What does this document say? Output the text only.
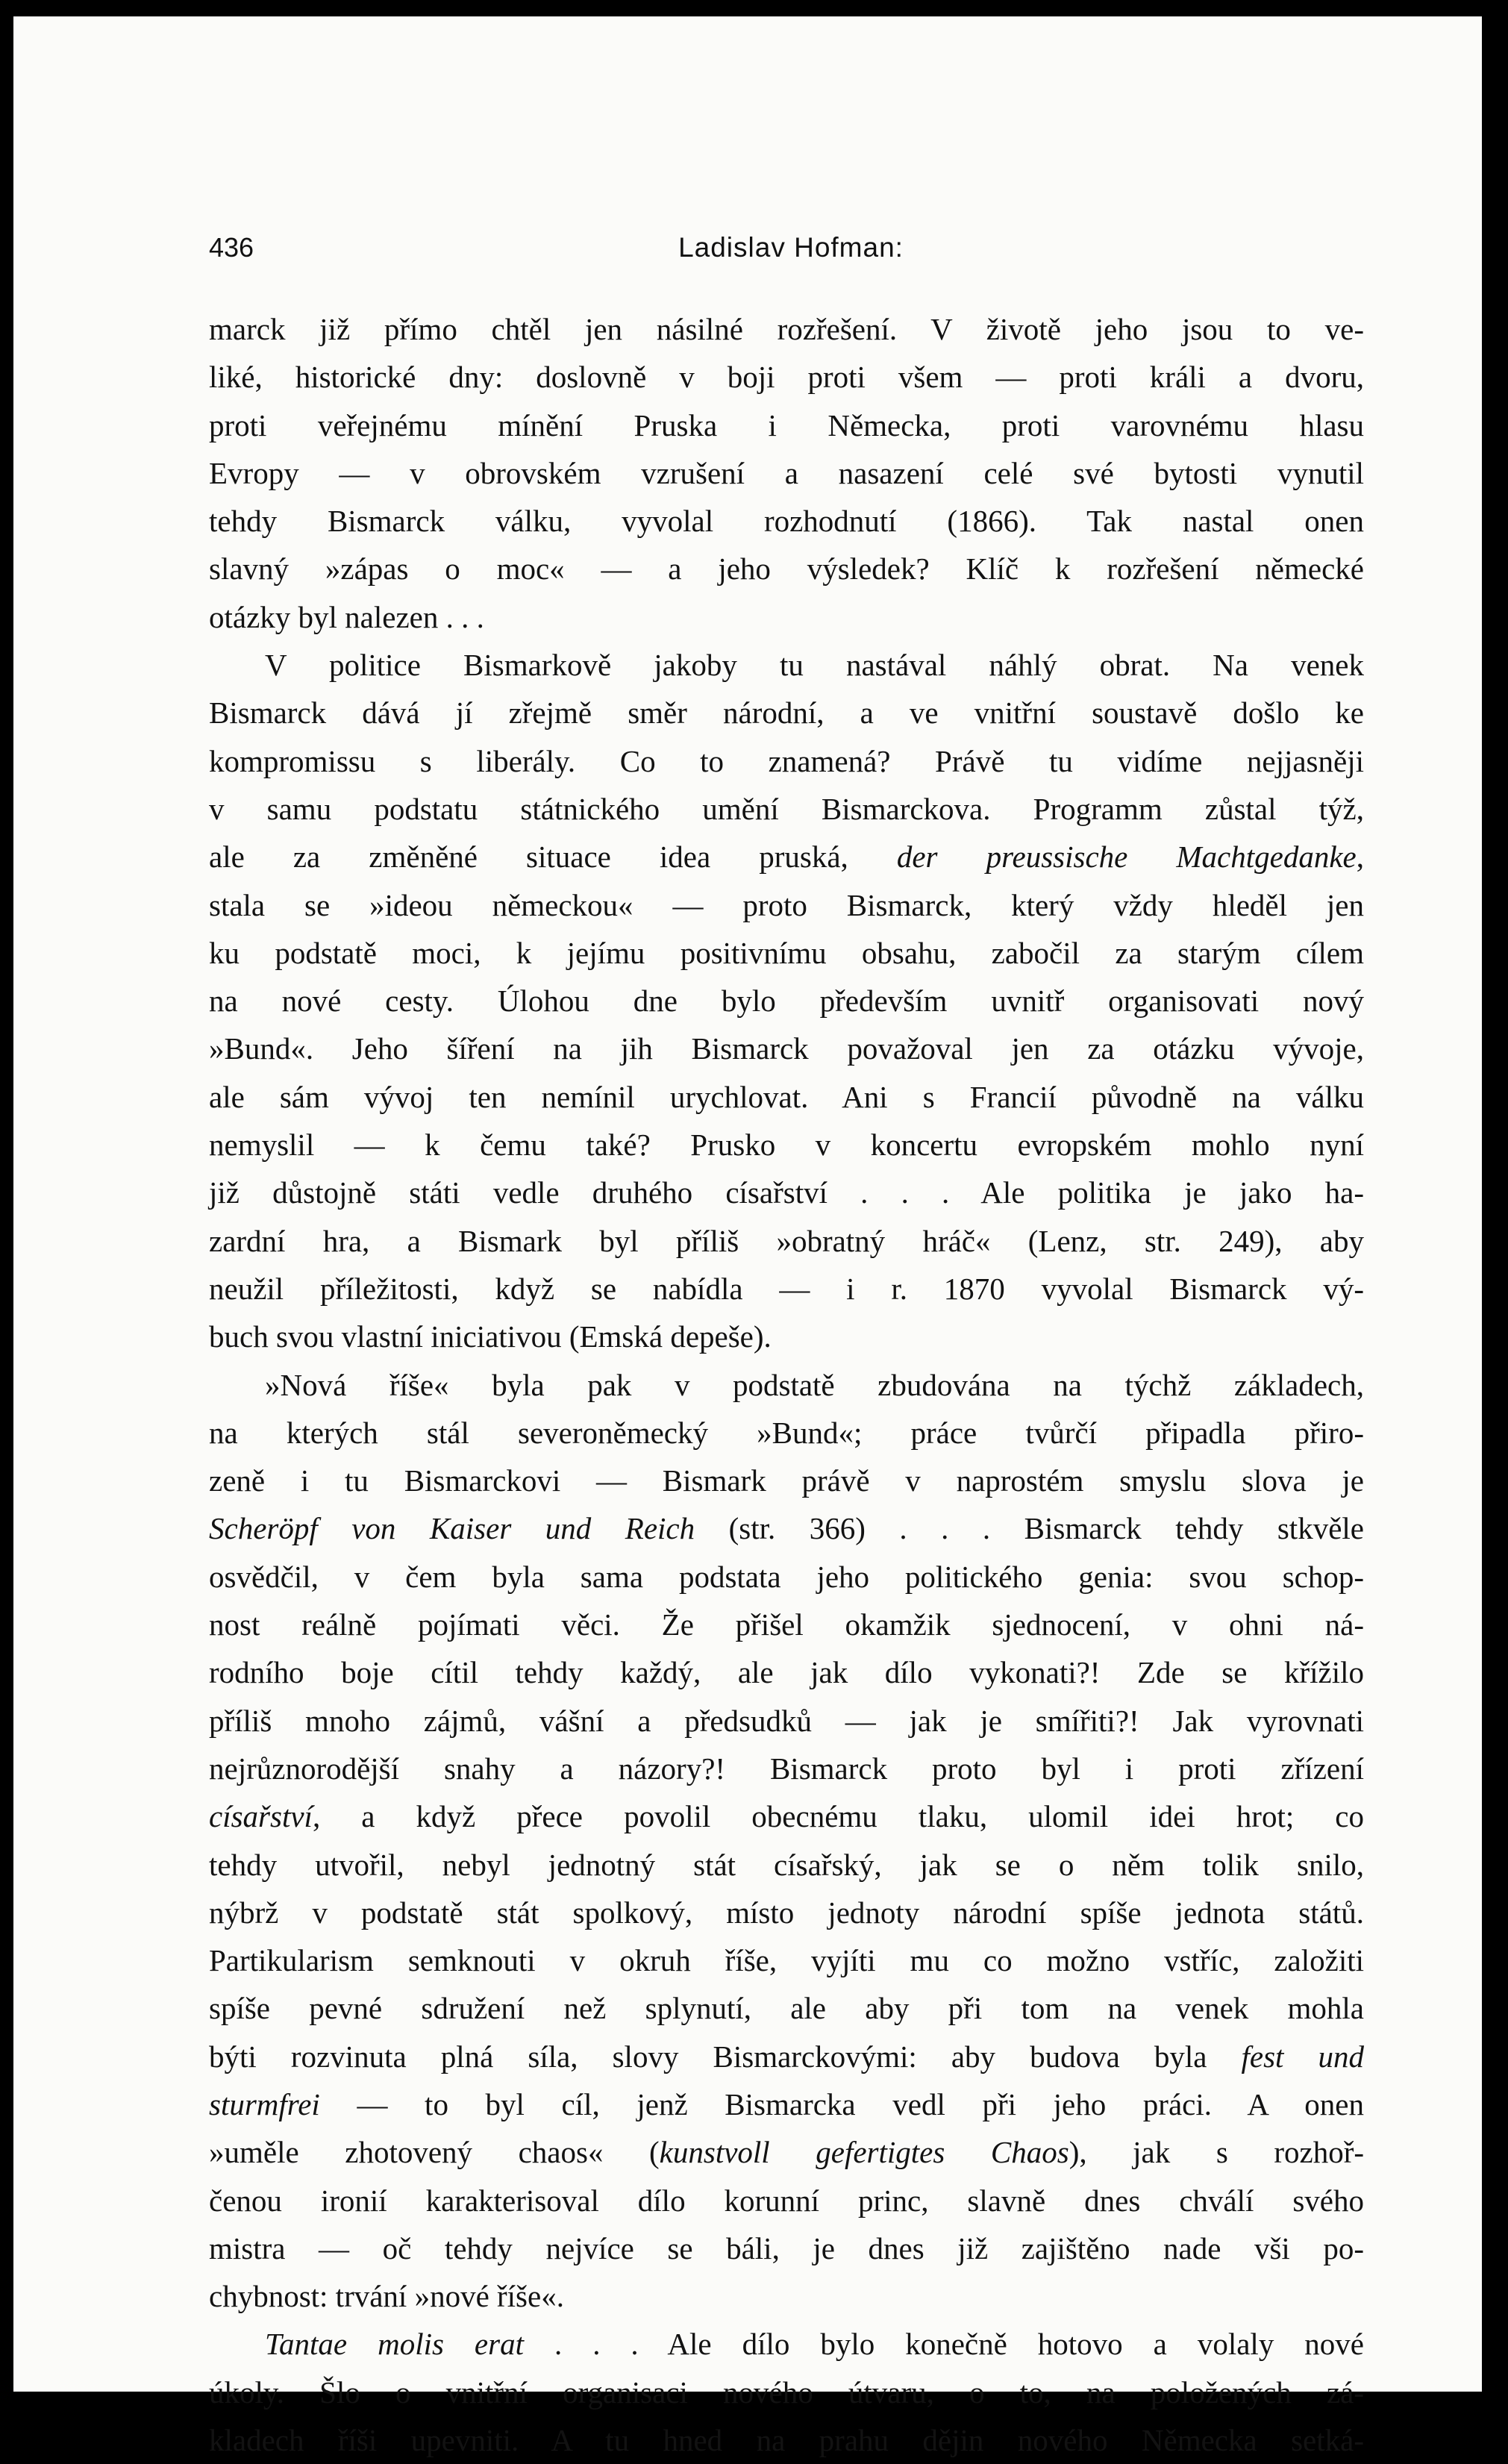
436	Ladislav Hofman:
marck již přímo chtěl jen násilné rozřešení. V životě jeho jsou to ve-
liké, historické dny: doslovně v boji proti všem — proti králi a dvoru,
proti veřejnému mínění Pruska i Německa, proti varovnému hlasu
Evropy — v obrovském vzrušení a nasazení celé své bytosti vynutil
tehdy Bismarck válku, vyvolal rozhodnutí (1866). Tak nastal onen
slavný »zápas o moc« — a jeho výsledek? Klíč k rozřešení německé
otázky byl nalezen . . .
V politice Bismarkově jakoby tu nastával náhlý obrat. Na venek
Bismarck dává jí zřejmě směr národní, a ve vnitřní soustavě došlo ke
kompromissu s liberály. Co to znamená? Právě tu vidíme nejjasněji
v samu podstatu státnického umění Bismarckova. Programm zůstal týž,
ale za změněné situace idea pruská, der preussische Machtgedanke,
stala se »ideou německou« — proto Bismarck, který vždy hleděl jen
ku podstatě moci, k jejímu positivnímu obsahu, zabočil za starým cílem
na nové cesty. Úlohou dne bylo především uvnitř organisovati nový
»Bund«. Jeho šíření na jih Bismarck považoval jen za otázku vývoje,
ale sám vývoj ten nemínil urychlovat. Ani s Francií původně na válku
nemyslil — k čemu také? Prusko v koncertu evropském mohlo nyní
již důstojně státi vedle druhého císařství . . . Ale politika je jako ha-
zardní hra, a Bismark byl příliš »obratný hráč« (Lenz, str. 249), aby
neužil příležitosti, když se nabídla — i r. 1870 vyvolal Bismarck vý-
buch svou vlastní iniciativou (Emská depeše).
»Nová říše« byla pak v podstatě zbudována na týchž základech,
na kterých stál severoněmecký »Bund«; práce tvůrčí připadla přiro-
zeně i tu Bismarckovi — Bismark právě v naprostém smyslu slova je
Scheröpf von Kaiser und Reich (str. 366) . . . Bismarck tehdy stkvěle
osvědčil, v čem byla sama podstata jeho politického genia: svou schop-
nost reálně pojímati věci. Že přišel okamžik sjednocení, v ohni ná-
rodního boje cítil tehdy každý, ale jak dílo vykonati?! Zde se křížilo
příliš mnoho zájmů, vášní a předsudků — jak je smířiti?! Jak vyrovnati
nejrůznorodější snahy a názory?! Bismarck proto byl i proti zřízení
císařství, a když přece povolil obecnému tlaku, ulomil idei hrot; co
tehdy utvořil, nebyl jednotný stát císařský, jak se o něm tolik snilo,
nýbrž v podstatě stát spolkový, místo jednoty národní spíše jednota států.
Partikularism semknouti v okruh říše, vyjíti mu co možno vstříc, založiti
spíše pevné sdružení než splynutí, ale aby při tom na venek mohla
býti rozvinuta plná síla, slovy Bismarckovými: aby budova byla fest und
sturmfrei — to byl cíl, jenž Bismarcka vedl při jeho práci. A onen
»uměle zhotovený chaos« (kunstvoll gefertigtes Chaos), jak s rozhoř-
čenou ironií karakterisoval dílo korunní princ, slavně dnes chválí svého
mistra — oč tehdy nejvíce se báli, je dnes již zajištěno nade vši po-
chybnost: trvání »nové říše«.
Tantae molis erat . . . Ale dílo bylo konečně hotovo a volaly nové
úkoly. Šlo o vnitřní organisaci nového útvaru, o to, na položených zá-
kladech říši upevniti. A tu hned na prahu dějin nového Německa setká-
